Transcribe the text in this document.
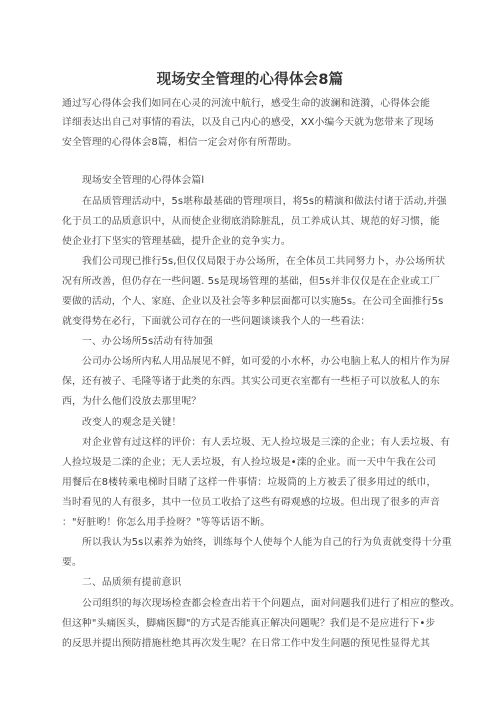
现场安全管理的心得体会8篇
通过写心得体会我们如同在心灵的河流中航行，感受生命的波澜和涟漪，心得体会能
详细表达出自己对事情的看法，以及自己内心的感受，XX小编今天就为您带来了现场
安全管理的心得体会8篇，相信一定会对你有所帮助。
现场安全管理的心得体会篇l
在品质管理活动中，5s堪称最基础的管理项目，将5s的精演和做法付诸于活动,并强
化于员工的品质意识中，从而使企业彻底消除脏乱，员工养成认其、规范的好习惯，能
使企业打下坚实的管理基础，提升企业的竞争实力。
我们公司现已推行5s,但仅仅局限于办公场所，在全体员工共同努力卜，办公场所状
况有所改善，但仍存在一些问题. 5s是现场管理的基础，但5s并非仅仅是在企业或工厂
要做的活动，个人、家庭、企业以及社会等多种层面都可以实施5s。在公司全面推行5s
就变得势在必行，下面就公司存在的一些问题谈谈我个人的一些看法：
一、办公场所5s活动有待加强
公司办公场所内私人用品展见不鲜，如可爱的小水杯，办公电脑上私人的相片作为屏
保，还有被子、毛隆等诸于此类的东西。其实公司更衣室都有一些柜子可以放私人的东
西，为什么他们没放去那里呢？
改变人的观念是关键！
对企业曾有过这样的评价：有人丢垃圾、无人捡垃圾是三滦的企业；有人丢垃圾、有
人捡垃圾是二滦的企业；无人丢垃圾，有人捡垃圾是•滦的企业。而一天中午我在公司
用餐后在8楼转乘电梯时目睹了这样一件事情：垃圾筒的上方被丢了很多用过的纸巾，
当时看见的人有很多，其中一位员工收拾了这些有碍观感的垃圾。但出现了很多的声音
："好脏哟！你怎么用手捡呀？"等等话语不断。
所以我认为5s以素养为始终，训练每个人使每个人能为自己的行为负责就变得十分重
要。
二、品质须有提前意识
公司组织的每次现场检查都会检查出若干个问题点，面对问题我们进行了相应的整改。
但这种"头痛医头，脚痛医脚"的方式是否能真正解决问题呢？我们是不是应进行下•步
的反思并提出预防措施杜绝其再次发生呢？在日常工作中发生问题的预见性显得尤其
